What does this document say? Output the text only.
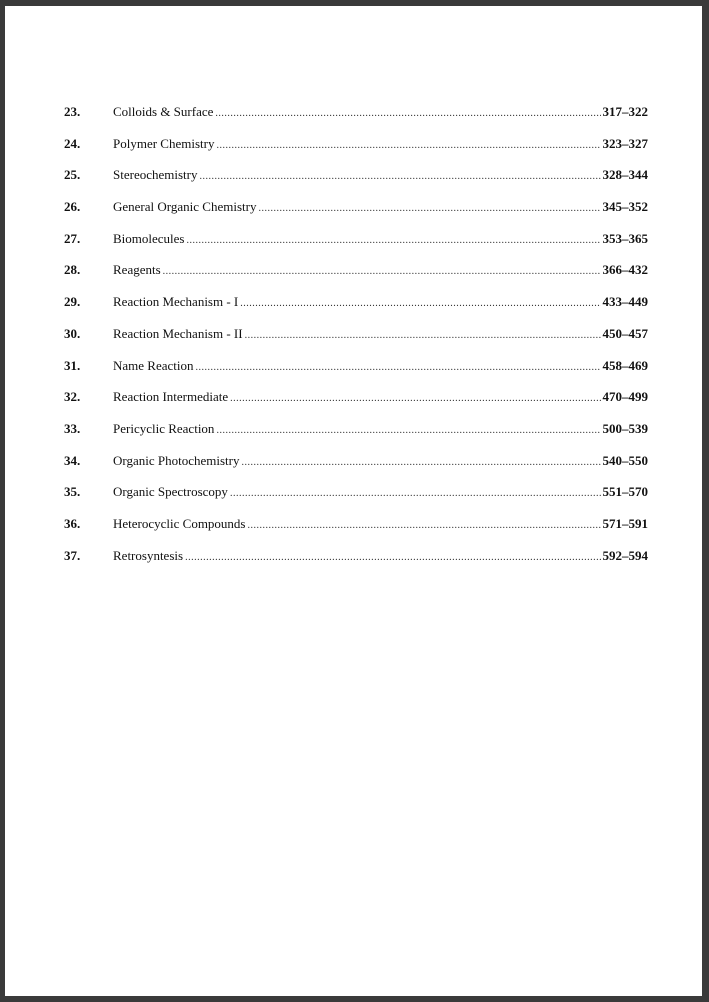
23.	Colloids & Surface .....	317–322
24.	Polymer Chemistry .....	323–327
25.	Stereochemistry .....	328–344
26.	General Organic Chemistry .....	345–352
27.	Biomolecules .....	353–365
28.	Reagents .....	366–432
29.	Reaction Mechanism - I .....	433–449
30.	Reaction Mechanism - II .....	450–457
31.	Name Reaction .....	458–469
32.	Reaction Intermediate .....	470–499
33.	Pericyclic Reaction .....	500–539
34.	Organic Photochemistry .....	540–550
35.	Organic Spectroscopy .....	551–570
36.	Heterocyclic Compounds .....	571–591
37.	Retrosyntesis .....	592–594
